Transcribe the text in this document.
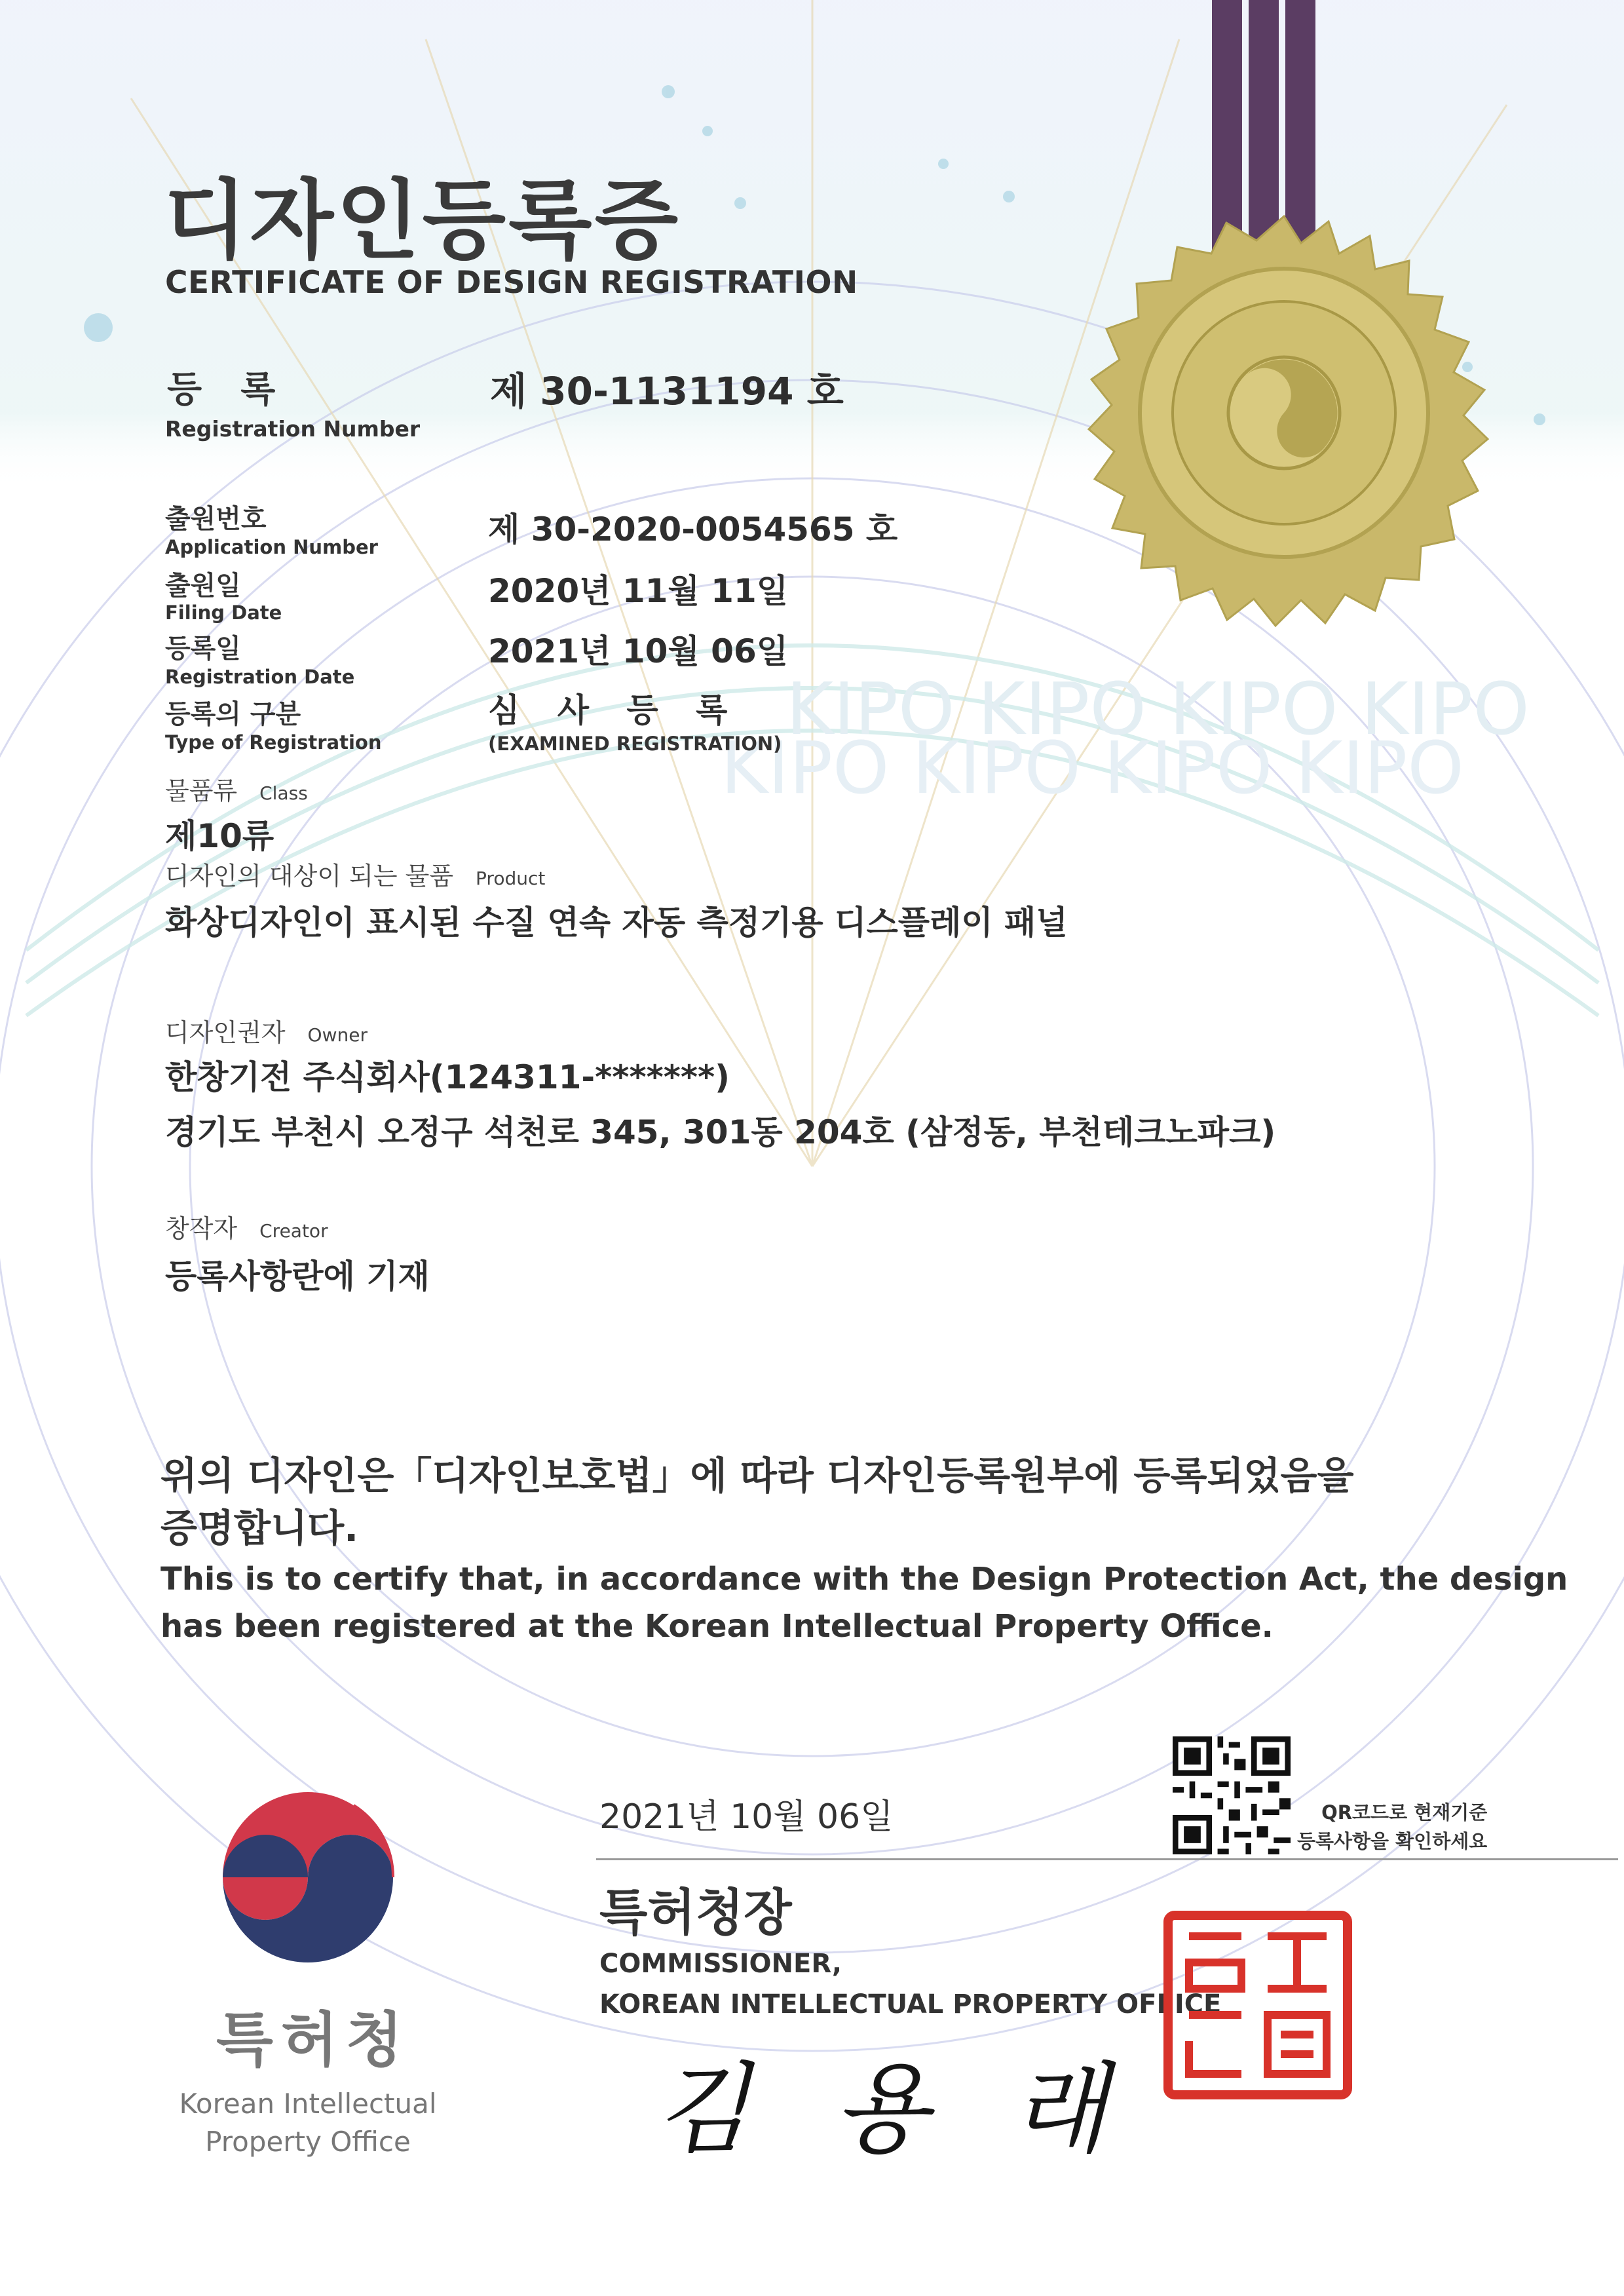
KIPO KIPO KIPO KIPO
KIPO KIPO KIPO KIPO
디자인등록증
CERTIFICATE OF DESIGN REGISTRATION
등 록
Registration Number
제 30-1131194 호
출원번호
Application Number	제 30-2020-0054565 호
출원일
Filing Date
2020년 11월 11일
등록일
Registration Date
2021년 10월 06일
등록의 구분
Type of Registration
심 사 등 록
(EXAMINED REGISTRATION)
물품류 Class
제10류
디자인의 대상이 되는 물품 Product
화상디자인이 표시된 수질 연속 자동 측정기용 디스플레이 패널
디자인권자 Owner
한창기전 주식회사(124311-*******)
경기도 부천시 오정구 석천로 345, 301동 204호 (삼정동, 부천테크노파크)
창작자 Creator
등록사항란에 기재
위의 디자인은「디자인보호법」에 따라 디자인등록원부에 등록되었음을
증명합니다.
This is to certify that, in accordance with the Design Protection Act, the design
has been registered at the Korean Intellectual Property Office.
2021년 10월 06일	QR코드로 현재기준
등록사항을 확인하세요
특허청장
COMMISSIONER,
KOREAN INTELLECTUAL PROPERTY OFFICE
김 용 래
특허청
Korean Intellectual
Property Office
